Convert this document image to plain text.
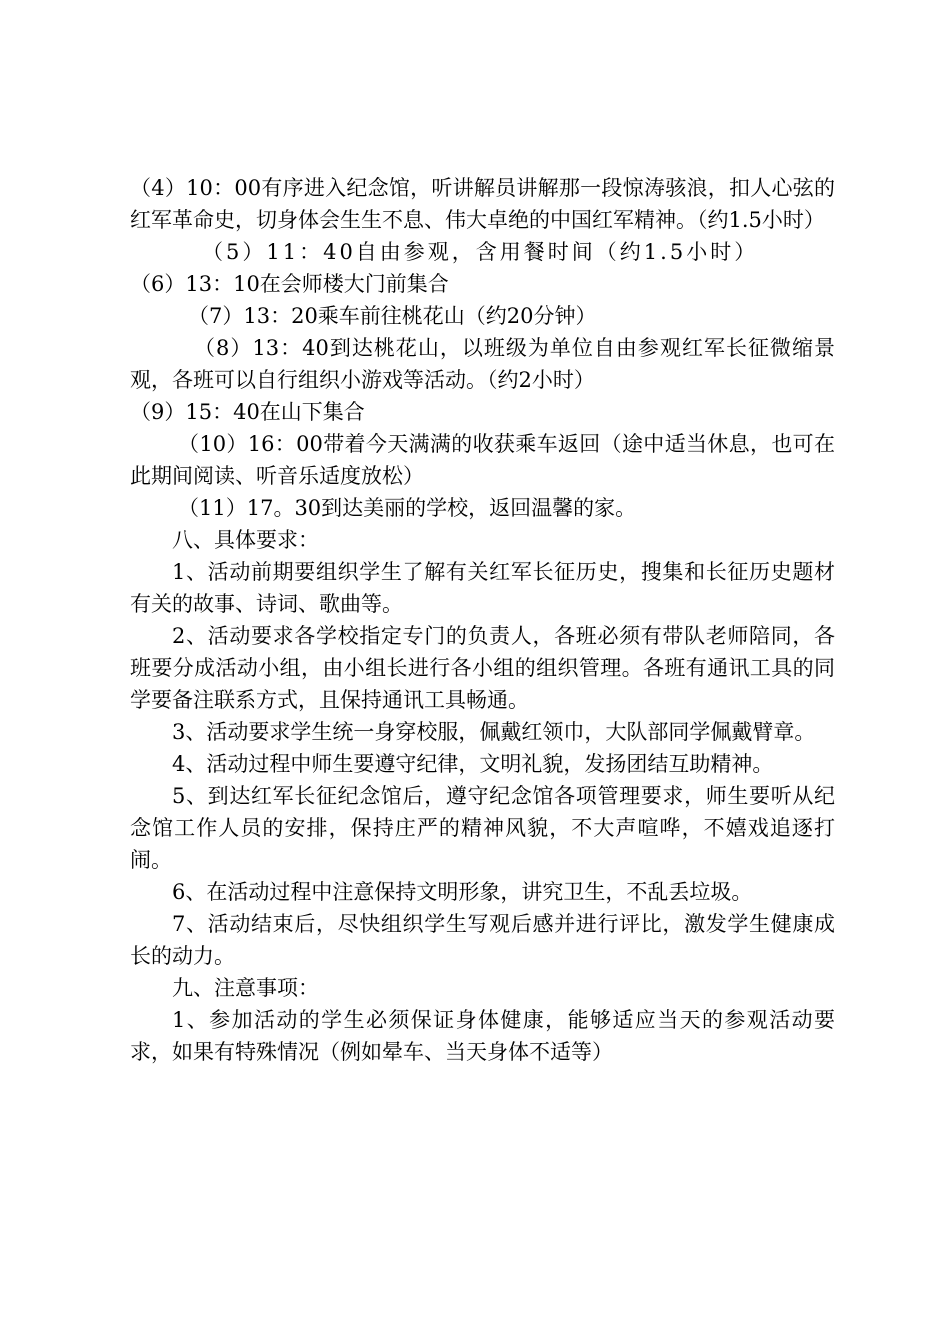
（4）10：00有序进入纪念馆，听讲解员讲解那一段惊涛骇浪，扣人心弦的红军革命史，切身体会生生不息、伟大卓绝的中国红军精神。（约1.5小时）

（5）11：40自由参观，含用餐时间（约1.5小时）

（6）13：10在会师楼大门前集合

（7）13：20乘车前往桃花山（约20分钟）

（8）13：40到达桃花山，以班级为单位自由参观红军长征微缩景观，各班可以自行组织小游戏等活动。（约2小时）

（9）15：40在山下集合

（10）16：00带着今天满满的收获乘车返回（途中适当休息，也可在此期间阅读、听音乐适度放松）

（11）17。30到达美丽的学校，返回温馨的家。

八、具体要求：

1、活动前期要组织学生了解有关红军长征历史，搜集和长征历史题材有关的故事、诗词、歌曲等。

2、活动要求各学校指定专门的负责人，各班必须有带队老师陪同，各班要分成活动小组，由小组长进行各小组的组织管理。各班有通讯工具的同学要备注联系方式，且保持通讯工具畅通。

3、活动要求学生统一身穿校服，佩戴红领巾，大队部同学佩戴臂章。

4、活动过程中师生要遵守纪律，文明礼貌，发扬团结互助精神。

5、到达红军长征纪念馆后，遵守纪念馆各项管理要求，师生要听从纪念馆工作人员的安排，保持庄严的精神风貌，不大声喧哗，不嬉戏追逐打闹。

6、在活动过程中注意保持文明形象，讲究卫生，不乱丢垃圾。

7、活动结束后，尽快组织学生写观后感并进行评比，激发学生健康成长的动力。

九、注意事项：

1、参加活动的学生必须保证身体健康，能够适应当天的参观活动要求，如果有特殊情况（例如晕车、当天身体不适等）
